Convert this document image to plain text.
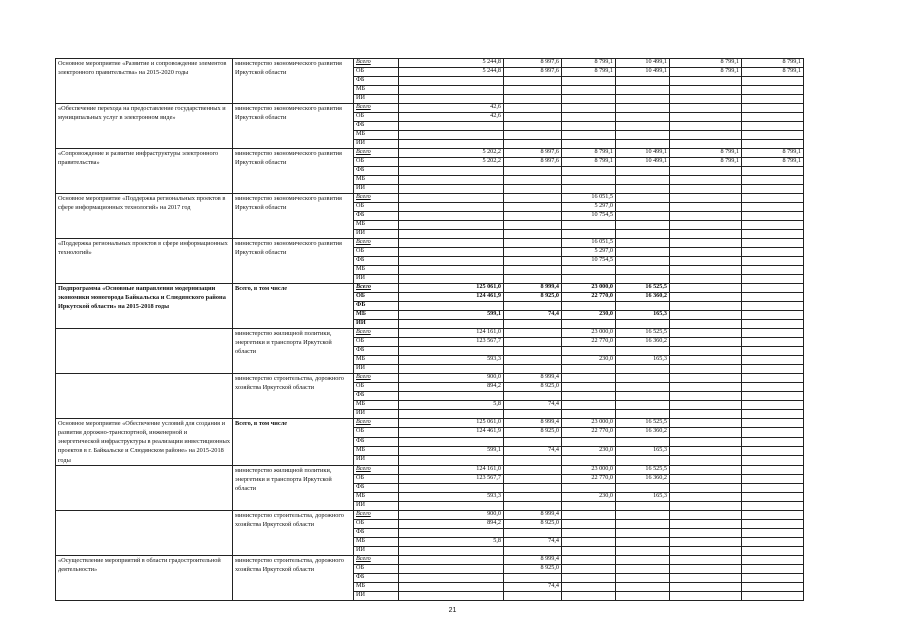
Основное мероприятие «Развитие и сопровождение элементов электронного правительства» на 2015-2020 годы	министерство экономического развития Иркутской области	Всего	5 244,8	8 997,6	8 799,1	10 499,1	8 799,1	8 799,1
		ОБ	5 244,8	8 997,6	8 799,1	10 499,1	8 799,1	8 799,1
		ФБ						
		МБ						
		ИИ						
«Обеспечение перехода на предоставление государственных и муниципальных услуг в электронном виде»	министерство экономического развития Иркутской области	Всего	42,6					
		ОБ	42,6					
		ФБ						
		МБ						
		ИИ						
«Сопровождение и развитие инфраструктуры электронного правительства»	министерство экономического развития Иркутской области	Всего	5 202,2	8 997,6	8 799,1	10 499,1	8 799,1	8 799,1
		ОБ	5 202,2	8 997,6	8 799,1	10 499,1	8 799,1	8 799,1
		ФБ						
		МБ						
		ИИ						
Основное мероприятие «Поддержка региональных проектов в сфере информационных технологий» на 2017 год	министерство экономического развития Иркутской области	Всего			16 051,5			
		ОБ			5 297,0			
		ФБ			10 754,5			
		МБ						
		ИИ						
«Поддержка региональных проектов в сфере информационных технологий»	министерство экономического развития Иркутской области	Всего			16 051,5			
		ОБ			5 297,0			
		ФБ			10 754,5			
		МБ						
		ИИ						
Подпрограмма «Основные направления модернизации экономики моногорода Байкальска и Слюдянского района Иркутской области» на 2015-2018 годы	Всего, в том числе	Всего	125 061,0	8 999,4	23 000,0	16 525,5		
		ОБ	124 461,9	8 925,0	22 770,0	16 360,2		
		ФБ						
		МБ	599,1	74,4	230,0	165,3		
		ИИ						
	министерство жилищной политики, энергетики и транспорта Иркутской области	Всего	124 161,0		23 000,0	16 525,5		
		ОБ	123 567,7		22 770,0	16 360,2		
		ФБ						
		МБ	593,3		230,0	165,3		
		ИИ						
	министерство строительства, дорожного хозяйства Иркутской области	Всего	900,0	8 999,4				
		ОБ	894,2	8 925,0				
		ФБ						
		МБ	5,8	74,4				
		ИИ						
Основное мероприятие «Обеспечение условий для создания и развития дорожно-транспортной, инженерной и энергетической инфраструктуры в реализации инвестиционных проектов в г. Байкальске и Слюдянском районе» на 2015-2018 годы	Всего, в том числе	Всего	125 061,0	8 999,4	23 000,0	16 525,5		
		ОБ	124 461,9	8 925,0	22 770,0	16 360,2		
		ФБ						
		МБ	599,1	74,4	230,0	165,3		
		ИИ						
	министерство жилищной политики, энергетики и транспорта Иркутской области	Всего	124 161,0		23 000,0	16 525,5		
		ОБ	123 567,7		22 770,0	16 360,2		
		ФБ						
		МБ	593,3		230,0	165,3		
		ИИ						
	министерство строительства, дорожного хозяйства Иркутской области	Всего	900,0	8 999,4				
		ОБ	894,2	8 925,0				
		ФБ						
		МБ	5,8	74,4				
		ИИ						
«Осуществление мероприятий в области градостроительной деятельности»	министерство строительства, дорожного хозяйства Иркутской области	Всего		8 999,4				
		ОБ		8 925,0				
		ФБ						
		МБ		74,4				
		ИИ						
21
